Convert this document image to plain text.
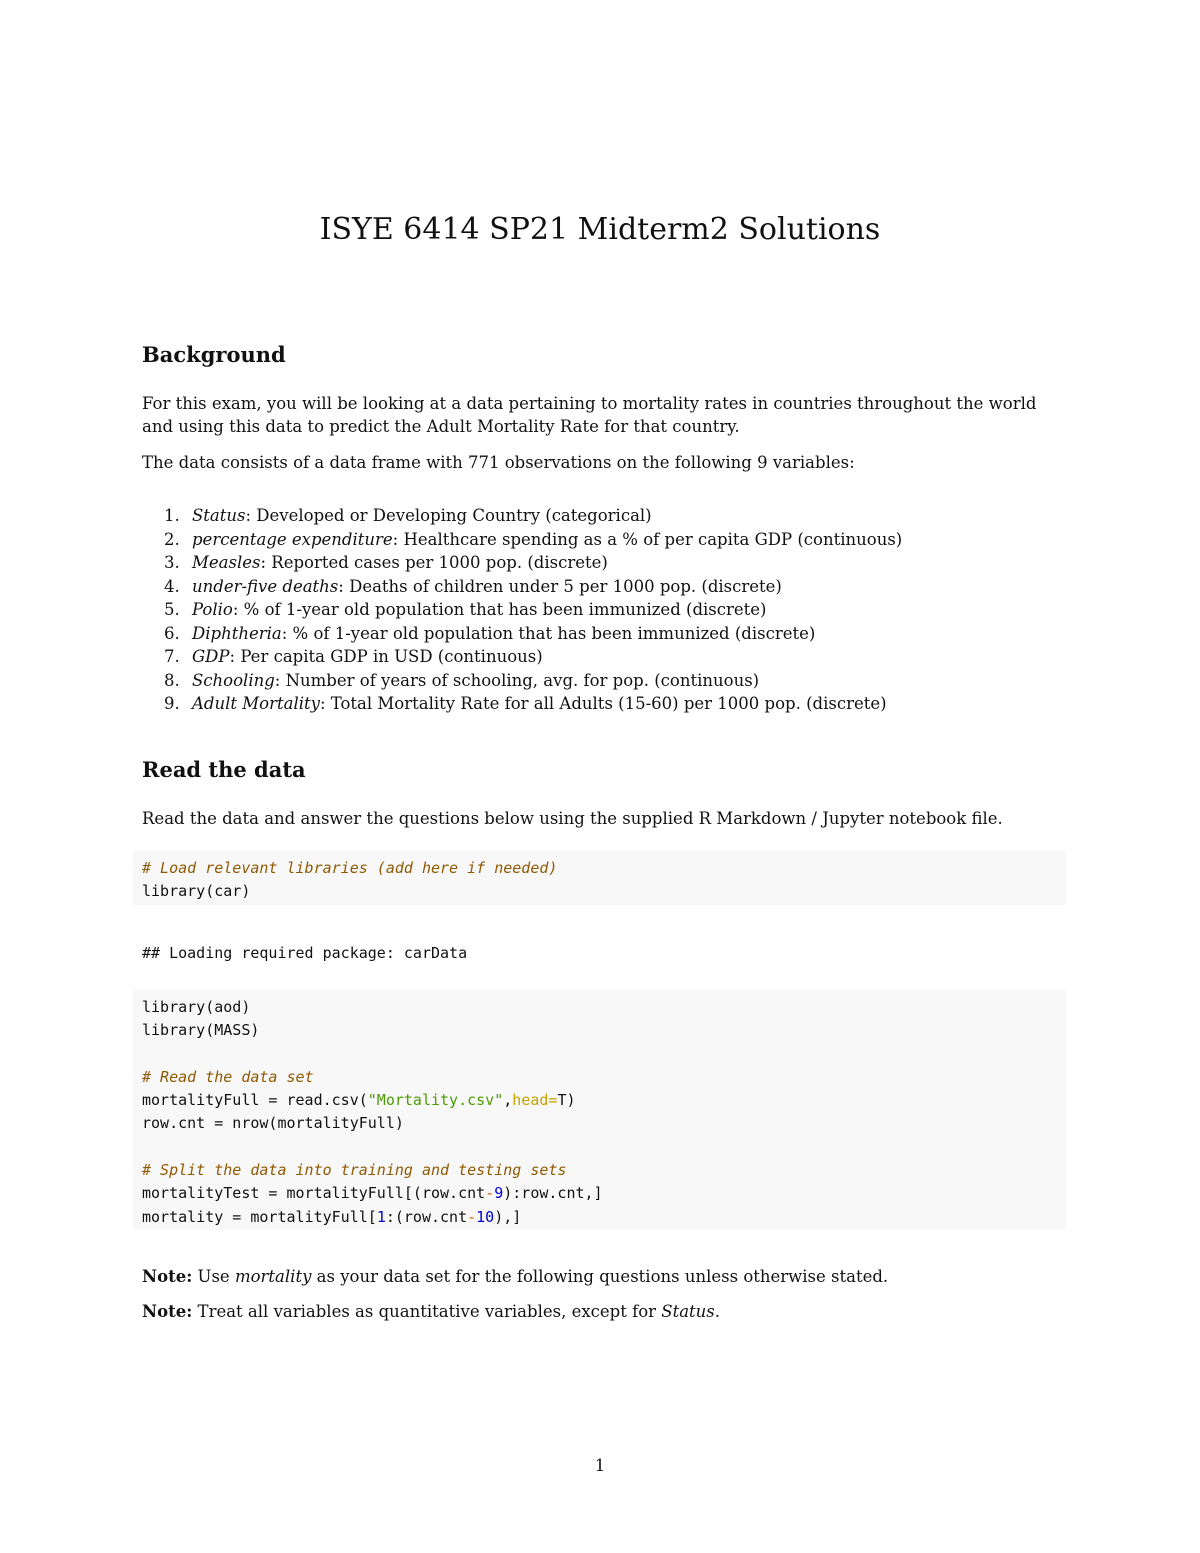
ISYE 6414 SP21 Midterm2 Solutions
Background

For this exam, you will be looking at a data pertaining to mortality rates in countries throughout the world and using this data to predict the Adult Mortality Rate for that country.

The data consists of a data frame with 771 observations on the following 9 variables:

1. Status: Developed or Developing Country (categorical)
2. percentage expenditure: Healthcare spending as a % of per capita GDP (continuous)
3. Measles: Reported cases per 1000 pop. (discrete)
4. under-five deaths: Deaths of children under 5 per 1000 pop. (discrete)
5. Polio: % of 1-year old population that has been immunized (discrete)
6. Diphtheria: % of 1-year old population that has been immunized (discrete)
7. GDP: Per capita GDP in USD (continuous)
8. Schooling: Number of years of schooling, avg. for pop. (continuous)
9. Adult Mortality: Total Mortality Rate for all Adults (15-60) per 1000 pop. (discrete)
Read the data

Read the data and answer the questions below using the supplied R Markdown / Jupyter notebook file.

# Load relevant libraries (add here if needed)
library(car)
## Loading required package: carData
library(aod)
library(MASS)
# Read the data set
mortalityFull = read.csv("Mortality.csv",head=T)
row.cnt = nrow(mortalityFull)
# Split the data into training and testing sets
mortalityTest = mortalityFull[(row.cnt-9):row.cnt,]
mortality = mortalityFull[1:(row.cnt-10),]

Note: Use mortality as your data set for the following questions unless otherwise stated.

Note: Treat all variables as quantitative variables, except for Status.

1
